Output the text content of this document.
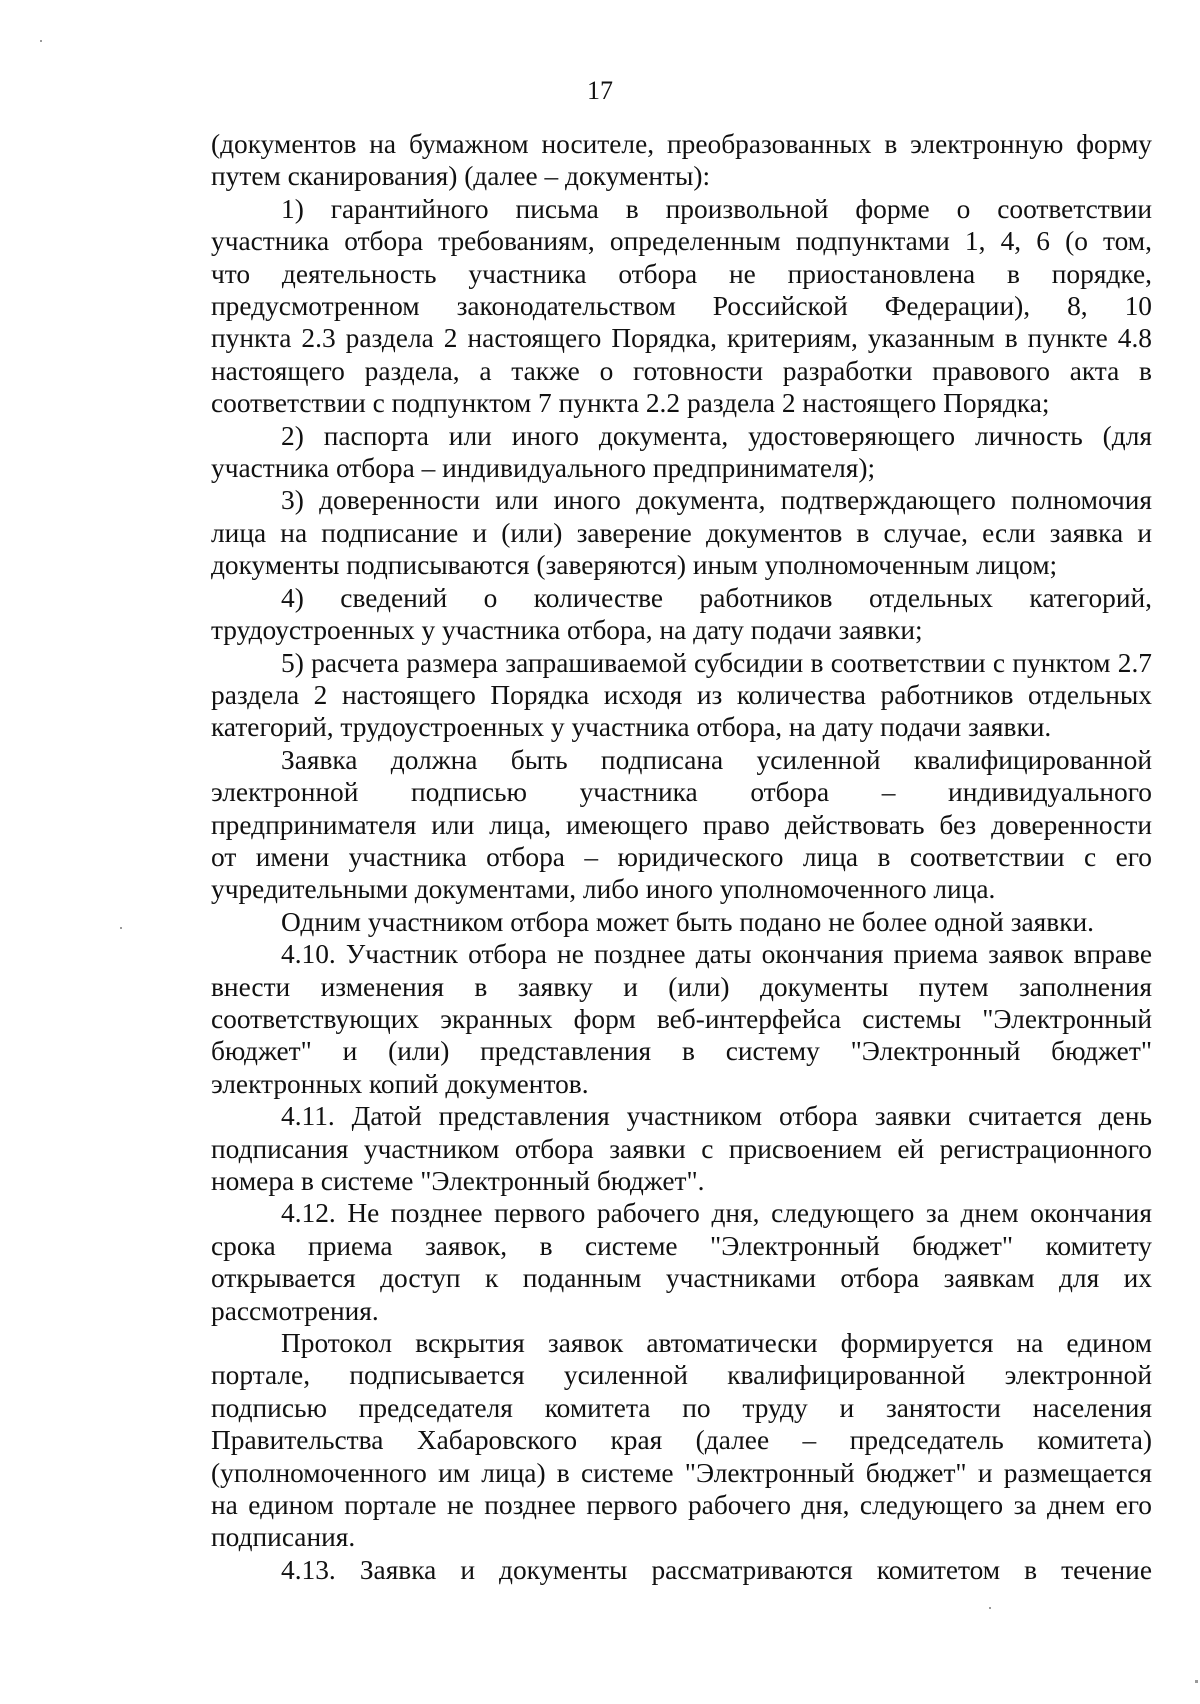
17
(документов на бумажном носителе, преобразованных в электронную форму
путем сканирования) (далее – документы):
1) гарантийного письма в произвольной форме о соответствии
участника отбора требованиям, определенным подпунктами 1, 4, 6 (о том,
что деятельность участника отбора не приостановлена в порядке,
предусмотренном законодательством Российской Федерации), 8, 10
пункта 2.3 раздела 2 настоящего Порядка, критериям, указанным в пункте 4.8
настоящего раздела, а также о готовности разработки правового акта в
соответствии с подпунктом 7 пункта 2.2 раздела 2 настоящего Порядка;
2) паспорта или иного документа, удостоверяющего личность (для
участника отбора – индивидуального предпринимателя);
3) доверенности или иного документа, подтверждающего полномочия
лица на подписание и (или) заверение документов в случае, если заявка и
документы подписываются (заверяются) иным уполномоченным лицом;
4) сведений о количестве работников отдельных категорий,
трудоустроенных у участника отбора, на дату подачи заявки;
5) расчета размера запрашиваемой субсидии в соответствии с пунктом 2.7
раздела 2 настоящего Порядка исходя из количества работников отдельных
категорий, трудоустроенных у участника отбора, на дату подачи заявки.
Заявка должна быть подписана усиленной квалифицированной
электронной подписью участника отбора – индивидуального
предпринимателя или лица, имеющего право действовать без доверенности
от имени участника отбора – юридического лица в соответствии с его
учредительными документами, либо иного уполномоченного лица.
Одним участником отбора может быть подано не более одной заявки.
4.10. Участник отбора не позднее даты окончания приема заявок вправе
внести изменения в заявку и (или) документы путем заполнения
соответствующих экранных форм веб-интерфейса системы "Электронный
бюджет" и (или) представления в систему "Электронный бюджет"
электронных копий документов.
4.11. Датой представления участником отбора заявки считается день
подписания участником отбора заявки с присвоением ей регистрационного
номера в системе "Электронный бюджет".
4.12. Не позднее первого рабочего дня, следующего за днем окончания
срока приема заявок, в системе "Электронный бюджет" комитету
открывается доступ к поданным участниками отбора заявкам для их
рассмотрения.
Протокол вскрытия заявок автоматически формируется на едином
портале, подписывается усиленной квалифицированной электронной
подписью председателя комитета по труду и занятости населения
Правительства Хабаровского края (далее – председатель комитета)
(уполномоченного им лица) в системе "Электронный бюджет" и размещается
на едином портале не позднее первого рабочего дня, следующего за днем его
подписания.
4.13. Заявка и документы рассматриваются комитетом в течение
